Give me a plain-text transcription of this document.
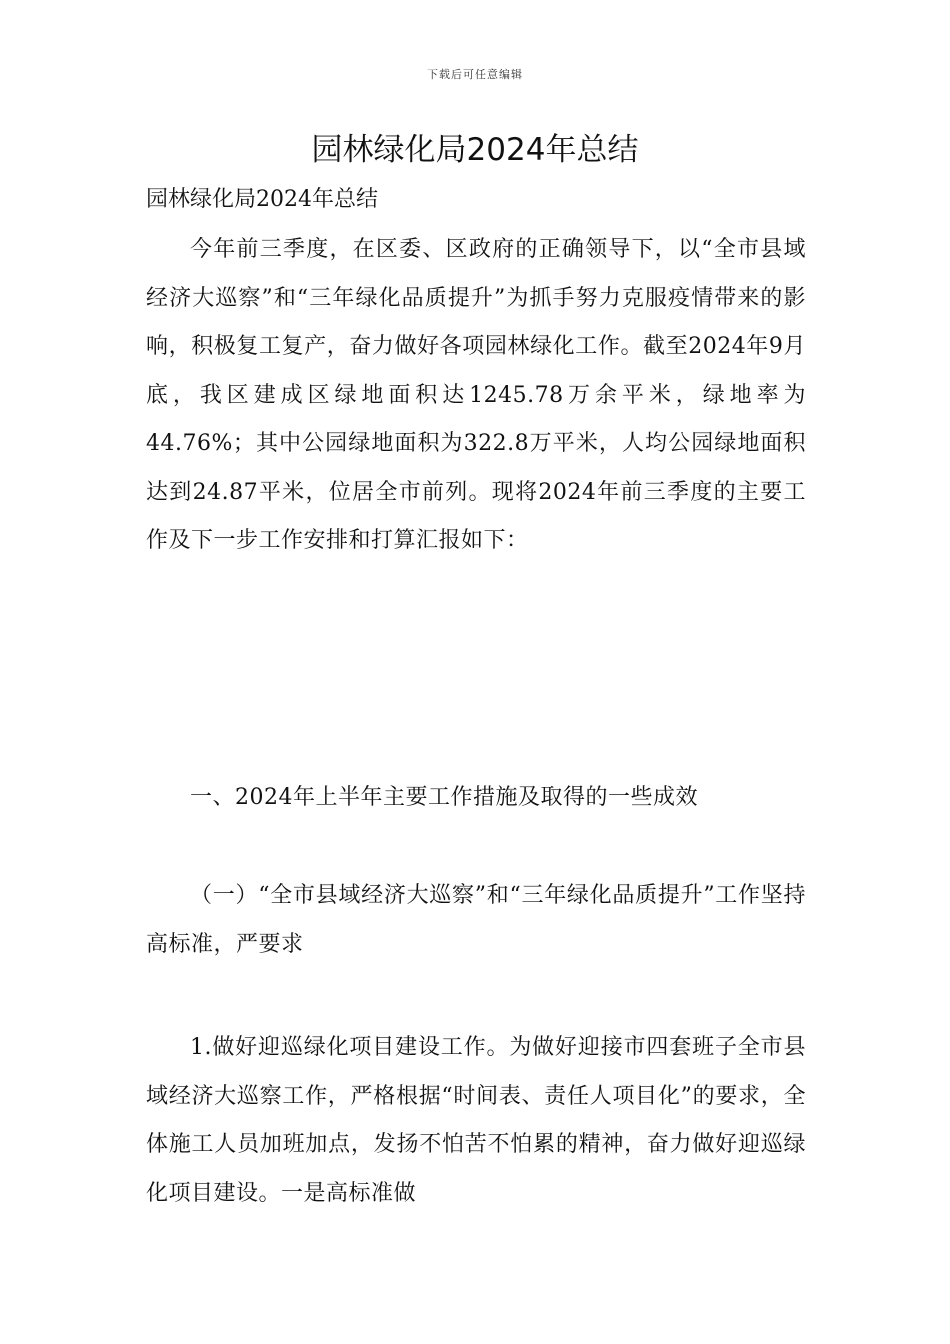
下载后可任意编辑
园林绿化局2024年总结

园林绿化局2024年总结

今年前三季度，在区委、区政府的正确领导下，以“全市县域经济大巡察”和“三年绿化品质提升”为抓手努力克服疫情带来的影响，积极复工复产，奋力做好各项园林绿化工作。截至2024年9月底，我区建成区绿地面积达1245.78万余平米，绿地率为44.76%；其中公园绿地面积为322.8万平米，人均公园绿地面积达到24.87平米，位居全市前列。现将2024年前三季度的主要工作及下一步工作安排和打算汇报如下：

一、2024年上半年主要工作措施及取得的一些成效

（一）“全市县域经济大巡察”和“三年绿化品质提升”工作坚持高标准，严要求

1.做好迎巡绿化项目建设工作。为做好迎接市四套班子全市县域经济大巡察工作，严格根据“时间表、责任人项目化”的要求，全体施工人员加班加点，发扬不怕苦不怕累的精神，奋力做好迎巡绿化项目建设。一是高标准做
